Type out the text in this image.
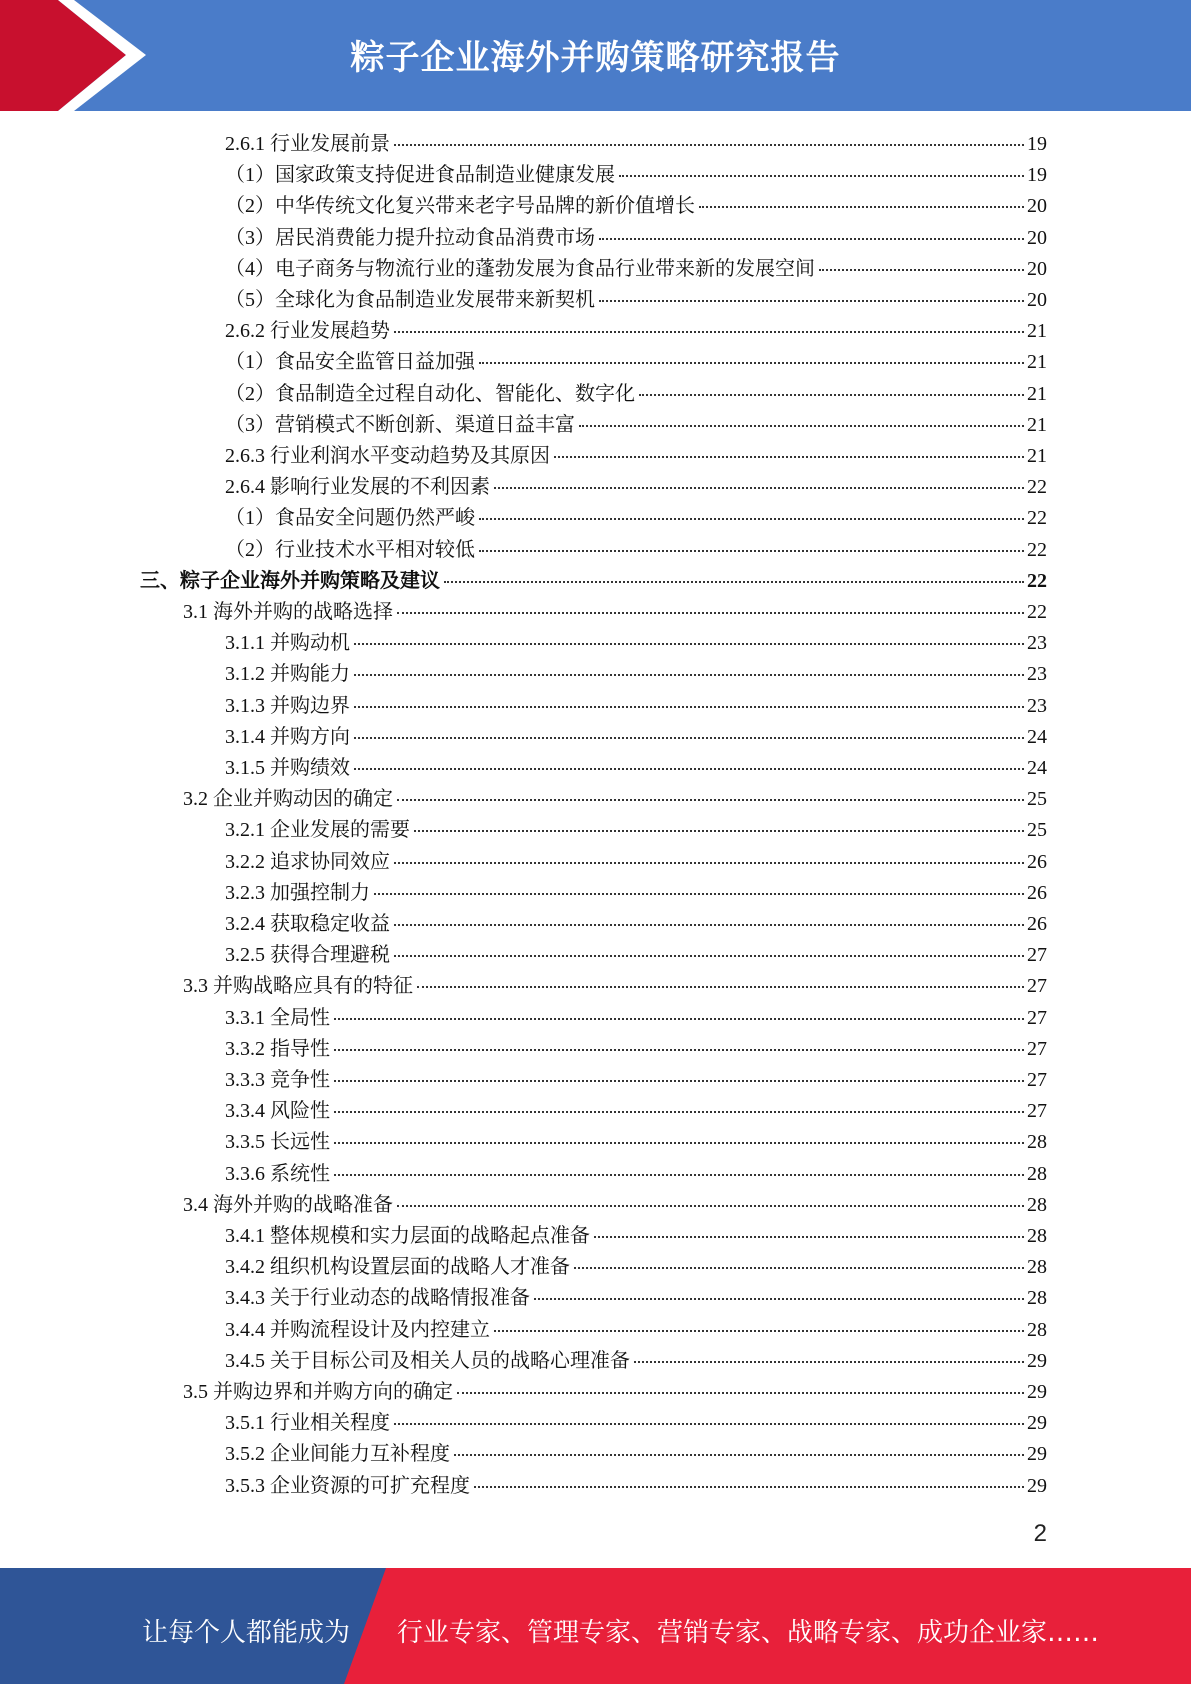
粽子企业海外并购策略研究报告
2.6.1 行业发展前景	19
（1）国家政策支持促进食品制造业健康发展	19
（2）中华传统文化复兴带来老字号品牌的新价值增长	20
（3）居民消费能力提升拉动食品消费市场	20
（4）电子商务与物流行业的蓬勃发展为食品行业带来新的发展空间	20
（5）全球化为食品制造业发展带来新契机	20
2.6.2 行业发展趋势	21
（1）食品安全监管日益加强	21
（2）食品制造全过程自动化、智能化、数字化	21
（3）营销模式不断创新、渠道日益丰富	21
2.6.3 行业利润水平变动趋势及其原因	21
2.6.4 影响行业发展的不利因素	22
（1）食品安全问题仍然严峻	22
（2）行业技术水平相对较低	22
三、粽子企业海外并购策略及建议	22
3.1 海外并购的战略选择	22
3.1.1 并购动机	23
3.1.2 并购能力	23
3.1.3 并购边界	23
3.1.4 并购方向	24
3.1.5 并购绩效	24
3.2 企业并购动因的确定	25
3.2.1 企业发展的需要	25
3.2.2 追求协同效应	26
3.2.3 加强控制力	26
3.2.4 获取稳定收益	26
3.2.5 获得合理避税	27
3.3 并购战略应具有的特征	27
3.3.1 全局性	27
3.3.2 指导性	27
3.3.3 竞争性	27
3.3.4 风险性	27
3.3.5 长远性	28
3.3.6 系统性	28
3.4 海外并购的战略准备	28
3.4.1 整体规模和实力层面的战略起点准备	28
3.4.2 组织机构设置层面的战略人才准备	28
3.4.3 关于行业动态的战略情报准备	28
3.4.4 并购流程设计及内控建立	28
3.4.5 关于目标公司及相关人员的战略心理准备	29
3.5 并购边界和并购方向的确定	29
3.5.1 行业相关程度	29
3.5.2 企业间能力互补程度	29
3.5.3 企业资源的可扩充程度	29
2
让每个人都能成为 行业专家、管理专家、营销专家、战略专家、成功企业家……
